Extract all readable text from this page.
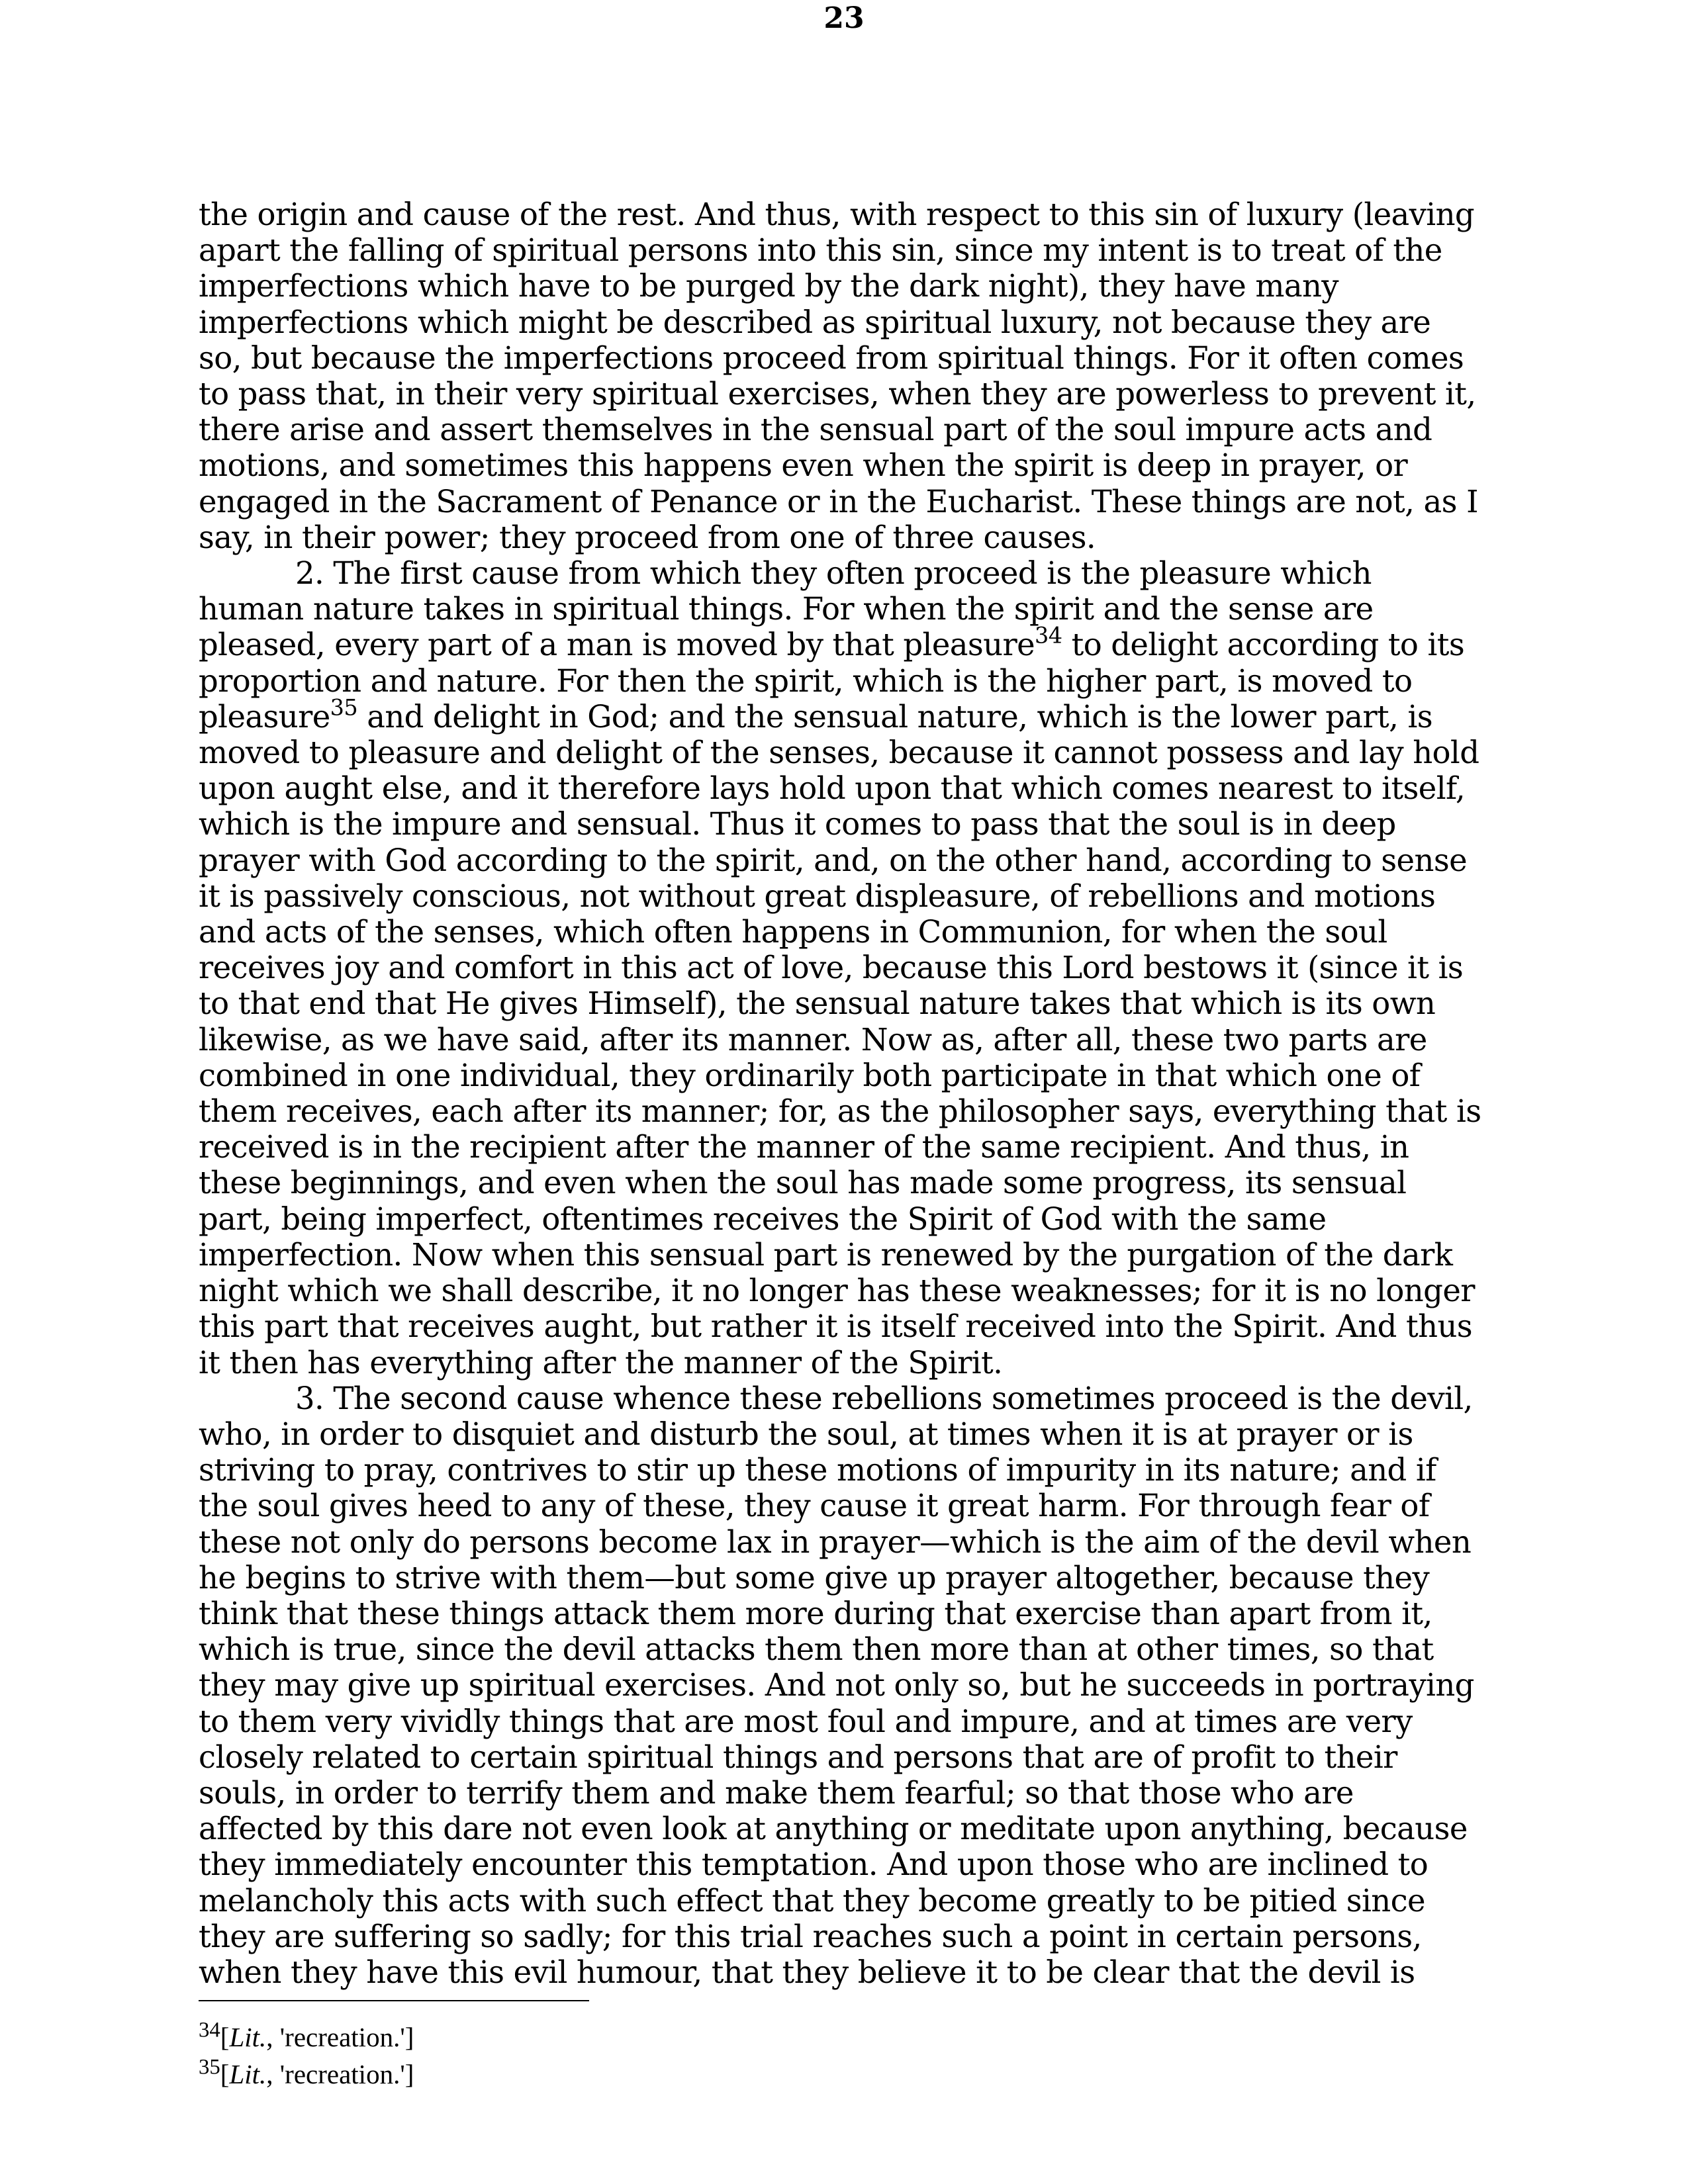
23

the origin and cause of the rest. And thus, with respect to this sin of luxury (leaving apart the falling of spiritual persons into this sin, since my intent is to treat of the imperfections which have to be purged by the dark night), they have many imperfections which might be described as spiritual luxury, not because they are so, but because the imperfections proceed from spiritual things. For it often comes to pass that, in their very spiritual exercises, when they are powerless to prevent it, there arise and assert themselves in the sensual part of the soul impure acts and motions, and sometimes this happens even when the spirit is deep in prayer, or engaged in the Sacrament of Penance or in the Eucharist. These things are not, as I say, in their power; they proceed from one of three causes.

2. The first cause from which they often proceed is the pleasure which human nature takes in spiritual things. For when the spirit and the sense are pleased, every part of a man is moved by that pleasure$^{34}$ to delight according to its proportion and nature. For then the spirit, which is the higher part, is moved to pleasure$^{35}$ and delight in God; and the sensual nature, which is the lower part, is moved to pleasure and delight of the senses, because it cannot possess and lay hold upon aught else, and it therefore lays hold upon that which comes nearest to itself, which is the impure and sensual. Thus it comes to pass that the soul is in deep prayer with God according to the spirit, and, on the other hand, according to sense it is passively conscious, not without great displeasure, of rebellions and motions and acts of the senses, which often happens in Communion, for when the soul receives joy and comfort in this act of love, because this Lord bestows it (since it is to that end that He gives Himself), the sensual nature takes that which is its own likewise, as we have said, after its manner. Now as, after all, these two parts are combined in one individual, they ordinarily both participate in that which one of them receives, each after its manner; for, as the philosopher says, everything that is received is in the recipient after the manner of the same recipient. And thus, in these beginnings, and even when the soul has made some progress, its sensual part, being imperfect, oftentimes receives the Spirit of God with the same imperfection. Now when this sensual part is renewed by the purgation of the dark night which we shall describe, it no longer has these weaknesses; for it is no longer this part that receives aught, but rather it is itself received into the Spirit. And thus it then has everything after the manner of the Spirit.

3. The second cause whence these rebellions sometimes proceed is the devil, who, in order to disquiet and disturb the soul, at times when it is at prayer or is striving to pray, contrives to stir up these motions of impurity in its nature; and if the soul gives heed to any of these, they cause it great harm. For through fear of these not only do persons become lax in prayer—which is the aim of the devil when he begins to strive with them—but some give up prayer altogether, because they think that these things attack them more during that exercise than apart from it, which is true, since the devil attacks them then more than at other times, so that they may give up spiritual exercises. And not only so, but he succeeds in portraying to them very vividly things that are most foul and impure, and at times are very closely related to certain spiritual things and persons that are of profit to their souls, in order to terrify them and make them fearful; so that those who are affected by this dare not even look at anything or meditate upon anything, because they immediately encounter this temptation. And upon those who are inclined to melancholy this acts with such effect that they become greatly to be pitied since they are suffering so sadly; for this trial reaches such a point in certain persons, when they have this evil humour, that they believe it to be clear that the devil is

$^{34}$[Lit., 'recreation.']

$^{35}$[Lit., 'recreation.']
